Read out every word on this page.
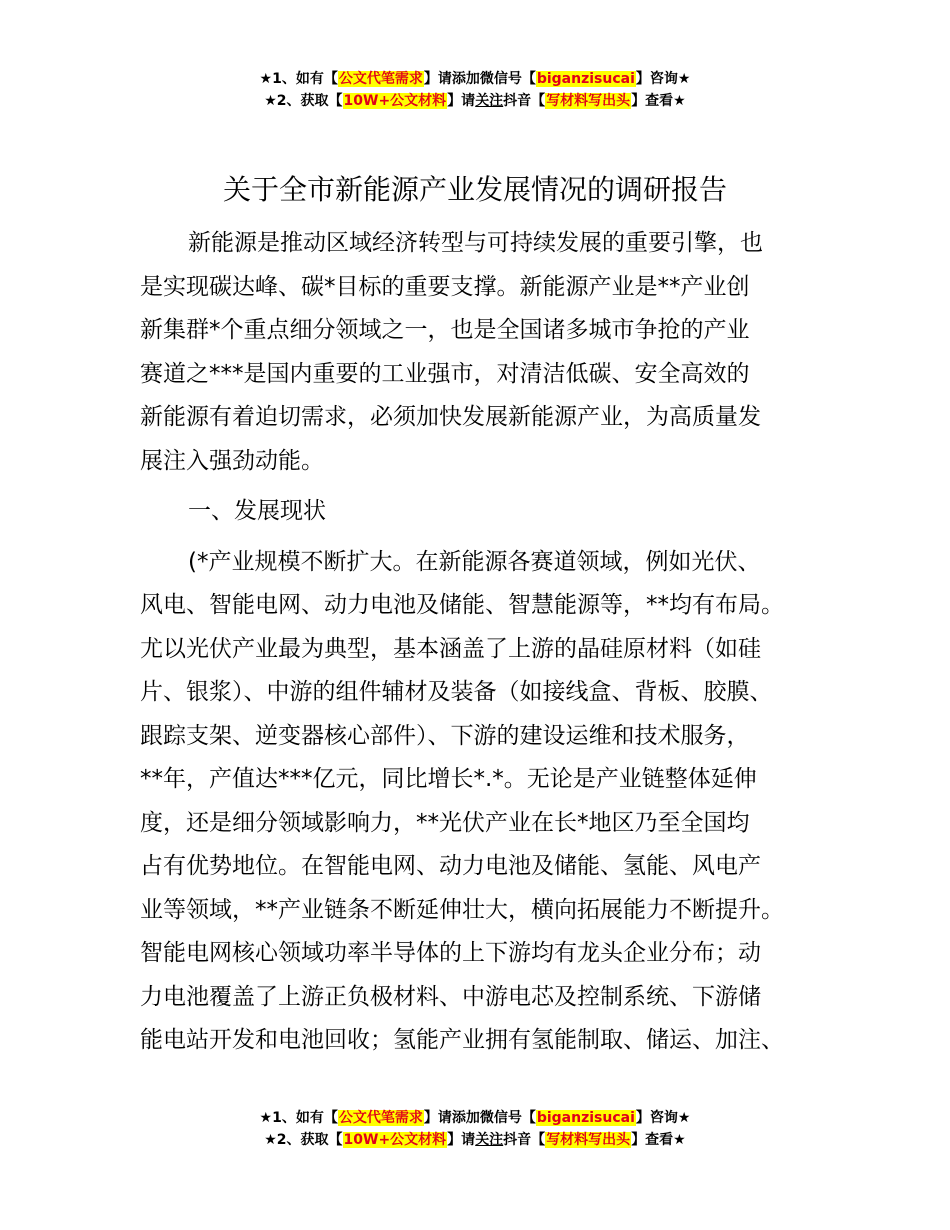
★1、如有【公文代笔需求】请添加微信号【biganzisucai】咨询★
★2、获取【10W+公文材料】请关注抖音【写材料写出头】查看★
关于全市新能源产业发展情况的调研报告

新能源是推动区域经济转型与可持续发展的重要引擎，也
是实现碳达峰、碳*目标的重要支撑。新能源产业是**产业创
新集群*个重点细分领域之一，也是全国诸多城市争抢的产业
赛道之***是国内重要的工业强市，对清洁低碳、安全高效的
新能源有着迫切需求，必须加快发展新能源产业，为高质量发
展注入强劲动能。

一、发展现状

(*产业规模不断扩大。在新能源各赛道领域，例如光伏、
风电、智能电网、动力电池及储能、智慧能源等，**均有布局。
尤以光伏产业最为典型，基本涵盖了上游的晶硅原材料（如硅
片、银浆）、中游的组件辅材及装备（如接线盒、背板、胶膜、
跟踪支架、逆变器核心部件）、下游的建设运维和技术服务，
**年，产值达***亿元，同比增长*.*。无论是产业链整体延伸
度，还是细分领域影响力，**光伏产业在长*地区乃至全国均
占有优势地位。在智能电网、动力电池及储能、氢能、风电产
业等领域，**产业链条不断延伸壮大，横向拓展能力不断提升。
智能电网核心领域功率半导体的上下游均有龙头企业分布；动
力电池覆盖了上游正负极材料、中游电芯及控制系统、下游储
能电站开发和电池回收；氢能产业拥有氢能制取、储运、加注、

★1、如有【公文代笔需求】请添加微信号【biganzisucai】咨询★
★2、获取【10W+公文材料】请关注抖音【写材料写出头】查看★
